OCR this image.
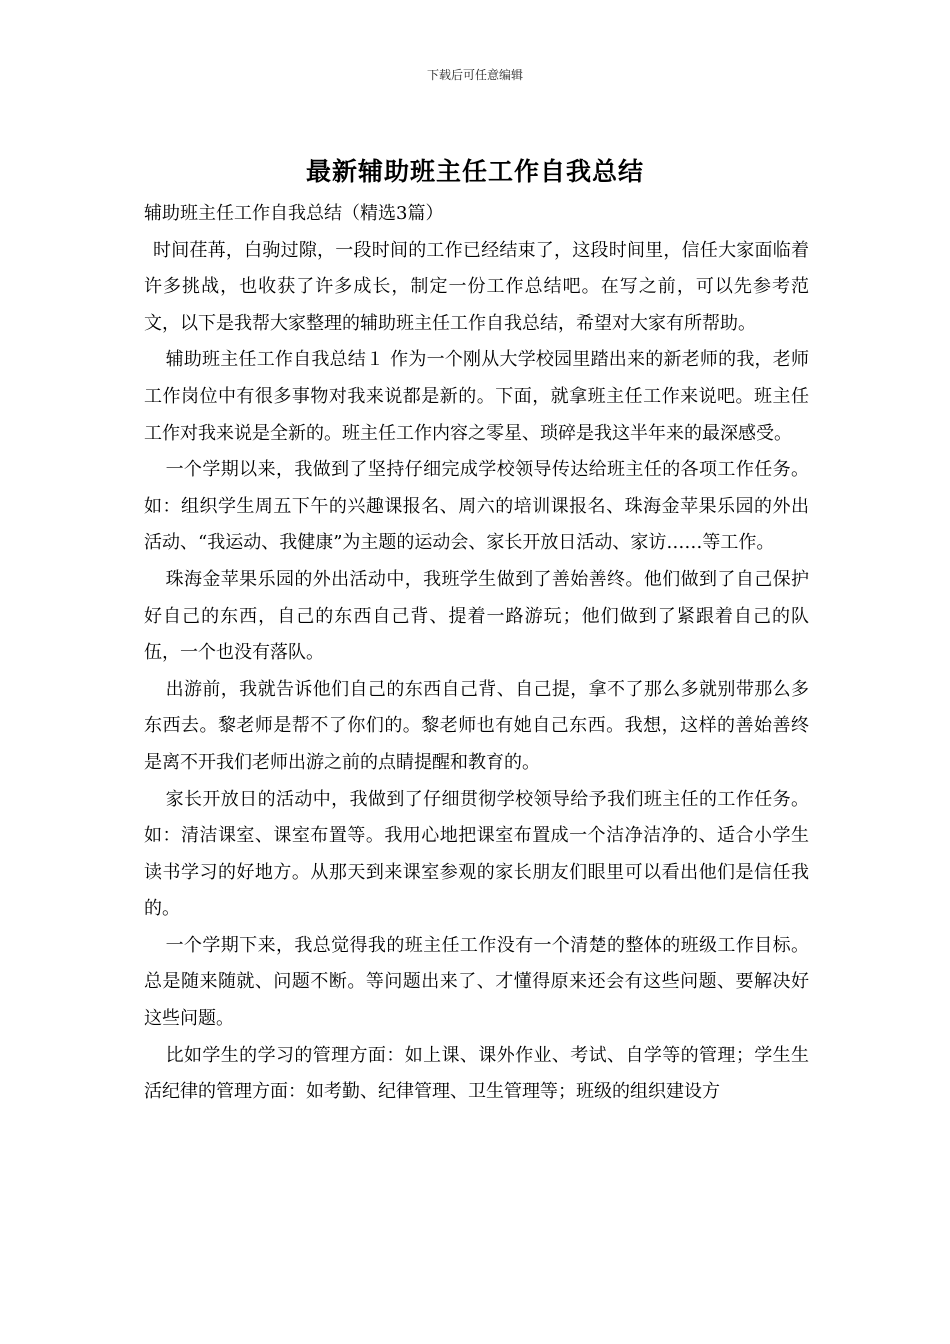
下载后可任意编辑
最新辅助班主任工作自我总结

辅助班主任工作自我总结（精选3篇）

时间荏苒，白驹过隙，一段时间的工作已经结束了，这段时间里，信任大家面临着许多挑战，也收获了许多成长，制定一份工作总结吧。在写之前，可以先参考范文，以下是我帮大家整理的辅助班主任工作自我总结，希望对大家有所帮助。

辅助班主任工作自我总结１ 作为一个刚从大学校园里踏出来的新老师的我，老师工作岗位中有很多事物对我来说都是新的。下面，就拿班主任工作来说吧。班主任工作对我来说是全新的。班主任工作内容之零星、琐碎是我这半年来的最深感受。

一个学期以来，我做到了坚持仔细完成学校领导传达给班主任的各项工作任务。如：组织学生周五下午的兴趣课报名、周六的培训课报名、珠海金苹果乐园的外出活动、“我运动、我健康”为主题的运动会、家长开放日活动、家访……等工作。

珠海金苹果乐园的外出活动中，我班学生做到了善始善终。他们做到了自己保护好自己的东西，自己的东西自己背、提着一路游玩；他们做到了紧跟着自己的队伍，一个也没有落队。

出游前，我就告诉他们自己的东西自己背、自己提，拿不了那么多就别带那么多东西去。黎老师是帮不了你们的。黎老师也有她自己东西。我想，这样的善始善终是离不开我们老师出游之前的点睛提醒和教育的。

家长开放日的活动中，我做到了仔细贯彻学校领导给予我们班主任的工作任务。如：清洁课室、课室布置等。我用心地把课室布置成一个洁净洁净的、适合小学生读书学习的好地方。从那天到来课室参观的家长朋友们眼里可以看出他们是信任我的。

一个学期下来，我总觉得我的班主任工作没有一个清楚的整体的班级工作目标。总是随来随就、问题不断。等问题出来了、才懂得原来还会有这些问题、要解决好这些问题。

比如学生的学习的管理方面：如上课、课外作业、考试、自学等的管理；学生生活纪律的管理方面：如考勤、纪律管理、卫生管理等；班级的组织建设方
